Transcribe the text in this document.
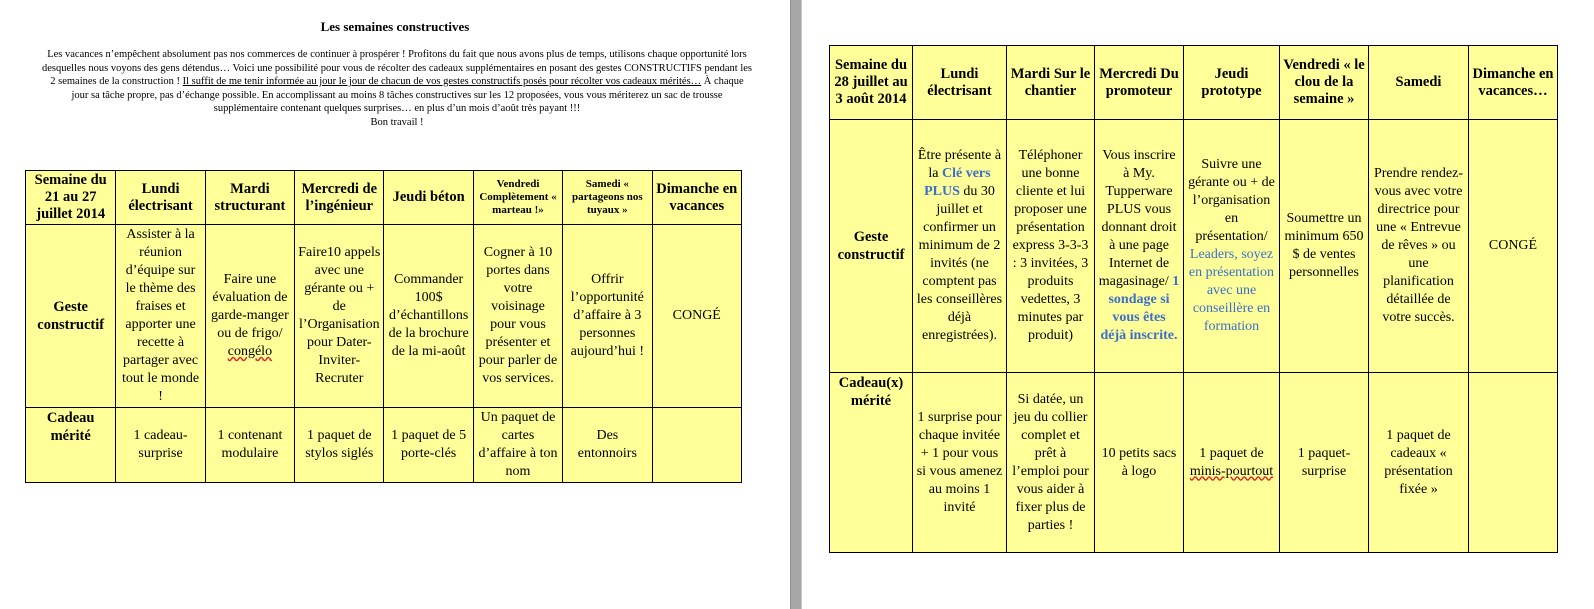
Les semaines constructives
Les vacances n’empêchent absolument pas nos commerces de continuer à prospérer ! Profitons du fait que nous avons plus de temps, utilisons chaque opportunité lors desquelles nous voyons des gens détendus… Voici une possibilité pour vous de récolter des cadeaux supplémentaires en posant des gestes CONSTRUCTIFS pendant les 2 semaines de la construction ! Il suffit de me tenir informée au jour le jour de chacun de vos gestes constructifs posés pour récolter vos cadeaux mérités… À chaque jour sa tâche propre, pas d’échange possible. En accomplissant au moins 8 tâches constructives sur les 12 proposées, vous vous mériterez un sac de trousse supplémentaire contenant quelques surprises… en plus d’un mois d’août très payant !!!
Bon travail !
Semaine du 21 au 27 juillet 2014	Lundi électrisant	Mardi structurant	Mercredi de l’ingénieur	Jeudi béton	Vendredi Complètement « marteau !»	Samedi « partageons nos tuyaux »	Dimanche en vacances
Geste constructif	Assister à la réunion d’équipe sur le thème des fraises et apporter une recette à partager avec tout le monde !	Faire une évaluation de garde-manger ou de frigo/ congélo	Faire10 appels avec une gérante ou + de l’Organisation pour Dater-Inviter-Recruter	Commander 100$ d’échantillons de la brochure de la mi-août	Cogner à 10 portes dans votre voisinage pour vous présenter et pour parler de vos services.	Offrir l’opportunité d’affaire à 3 personnes aujourd’hui !	CONGÉ
Cadeau mérité	1 cadeau-surprise	1 contenant modulaire	1 paquet de stylos siglés	1 paquet de 5 porte-clés	Un paquet de cartes d’affaire à ton nom	Des entonnoirs	
Semaine du 28 juillet au 3 août 2014	Lundi électrisant	Mardi Sur le chantier	Mercredi Du promoteur	Jeudi prototype	Vendredi « le clou de la semaine »	Samedi	Dimanche en vacances…
Geste constructif	Être présente à la Clé vers PLUS du 30 juillet et confirmer un minimum de 2 invités (ne comptent pas les conseillères déjà enregistrées).	Téléphoner une bonne cliente et lui proposer une présentation express 3-3-3 : 3 invitées, 3 produits vedettes, 3 minutes par produit)	Vous inscrire à My. Tupperware PLUS vous donnant droit à une page Internet de magasinage/ 1 sondage si vous êtes déjà inscrite.	Suivre une gérante ou + de l’organisation en présentation/ Leaders, soyez en présentation avec une conseillère en formation	Soumettre un minimum 650 $ de ventes personnelles	Prendre rendez-vous avec votre directrice pour une « Entrevue de rêves » ou une planification détaillée de votre succès.	CONGÉ
Cadeau(x) mérité	1 surprise pour chaque invitée + 1 pour vous si vous amenez au moins 1 invité	Si datée, un jeu du collier complet et prêt à l’emploi pour vous aider à fixer plus de parties !	10 petits sacs à logo	1 paquet de minis-pourtout	1 paquet-surprise	1 paquet de cadeaux « présentation fixée »	
